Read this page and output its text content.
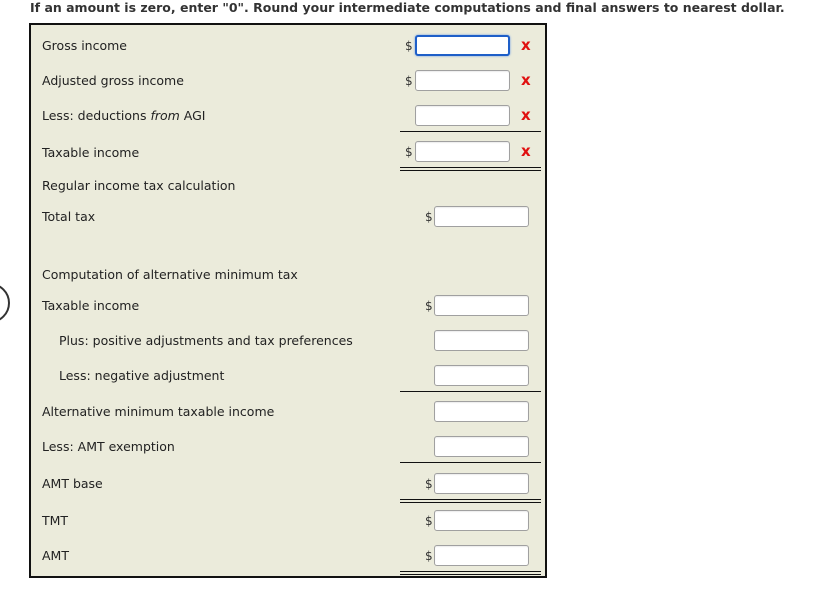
If an amount is zero, enter "0". Round your intermediate computations and final answers to nearest dollar.
Gross income	$	x
Adjusted gross income	$	x
Less: deductions from AGI	x
Taxable income	$	x
Regular income tax calculation
Total tax	$
Computation of alternative minimum tax
Taxable income	$
Plus: positive adjustments and tax preferences
Less: negative adjustment
Alternative minimum taxable income
Less: AMT exemption
AMT base	$
TMT	$
AMT	$
